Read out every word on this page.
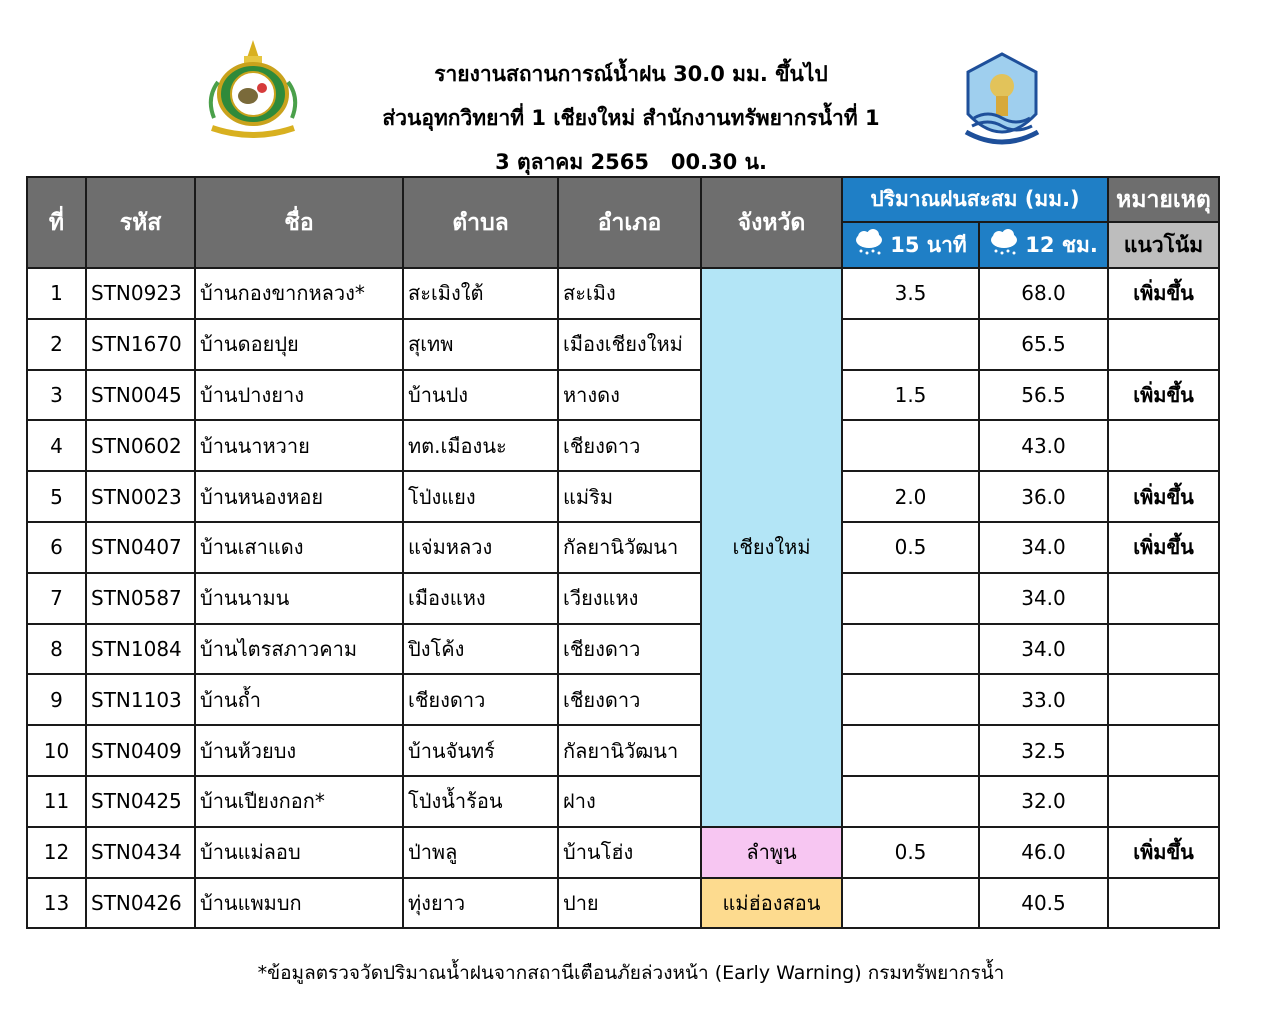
รายงานสถานการณ์น้ำฝน 30.0 มม. ขึ้นไป
ส่วนอุทกวิทยาที่ 1 เชียงใหม่ สำนักงานทรัพยากรน้ำที่ 1
3 ตุลาคม 2565   00.30 น.
ที่	รหัส	ชื่อ	ตำบล	อำเภอ	จังหวัด	ปริมาณฝนสะสม (มม.)		หมายเหตุ
						15 นาที	12 ชม.	แนวโน้ม
1	STN0923	บ้านกองขากหลวง*	สะเมิงใต้	สะเมิง	เชียงใหม่	3.5	68.0	เพิ่มขึ้น
2	STN1670	บ้านดอยปุย	สุเทพ	เมืองเชียงใหม่			65.5	
3	STN0045	บ้านปางยาง	บ้านปง	หางดง		1.5	56.5	เพิ่มขึ้น
4	STN0602	บ้านนาหวาย	ทต.เมืองนะ	เชียงดาว			43.0	
5	STN0023	บ้านหนองหอย	โป่งแยง	แม่ริม		2.0	36.0	เพิ่มขึ้น
6	STN0407	บ้านเสาแดง	แจ่มหลวง	กัลยานิวัฒนา		0.5	34.0	เพิ่มขึ้น
7	STN0587	บ้านนามน	เมืองแหง	เวียงแหง			34.0	
8	STN1084	บ้านไตรสภาวคาม	ปิงโค้ง	เชียงดาว			34.0	
9	STN1103	บ้านถ้ำ	เชียงดาว	เชียงดาว			33.0	
10	STN0409	บ้านห้วยบง	บ้านจันทร์	กัลยานิวัฒนา			32.5	
11	STN0425	บ้านเปียงกอก*	โป่งน้ำร้อน	ฝาง			32.0	
12	STN0434	บ้านแม่ลอบ	ป่าพลู	บ้านโฮ่ง	ลำพูน	0.5	46.0	เพิ่มขึ้น
13	STN0426	บ้านแพมบก	ทุ่งยาว	ปาย	แม่ฮ่องสอน		40.5	
*ข้อมูลตรวจวัดปริมาณน้ำฝนจากสถานีเตือนภัยล่วงหน้า (Early Warning) กรมทรัพยากรน้ำ
